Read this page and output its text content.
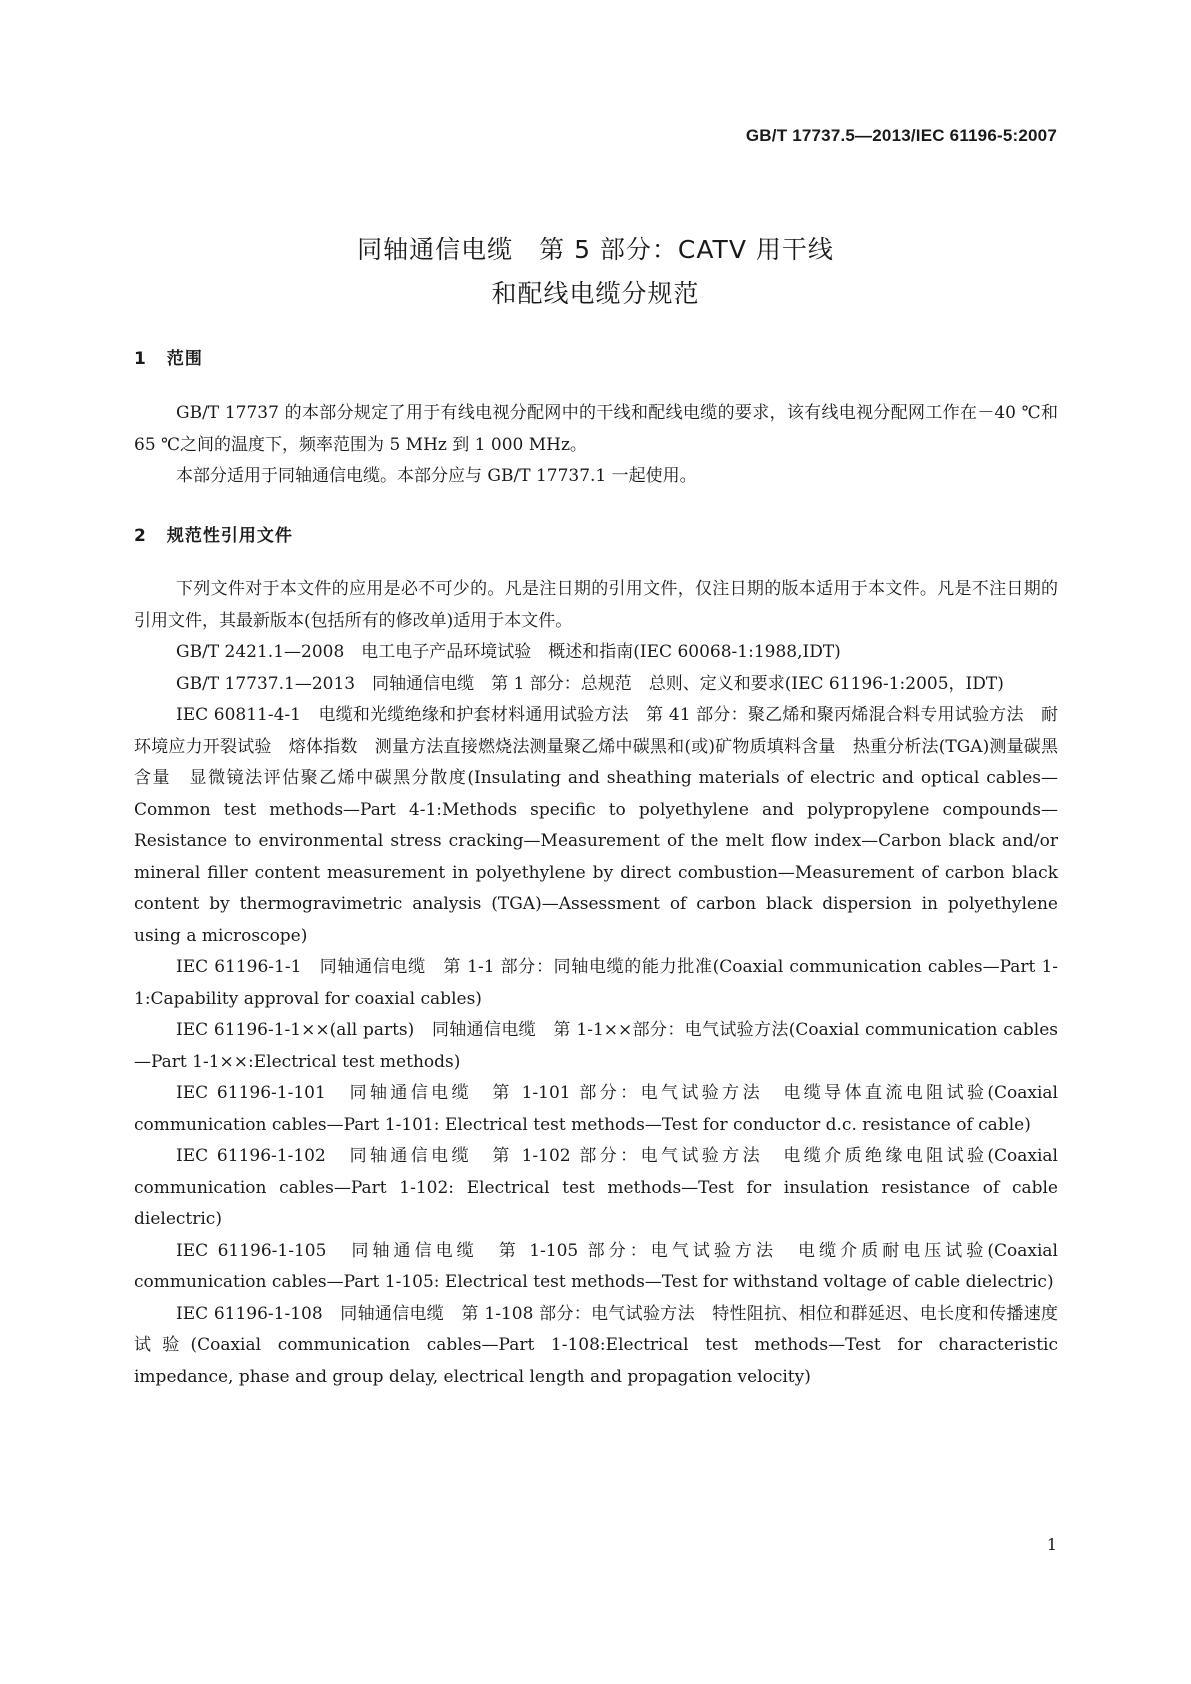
GB/T 17737.5—2013/IEC 61196-5:2007
同轴通信电缆　第 5 部分：CATV 用干线
和配线电缆分规范
1 范围

GB/T 17737 的本部分规定了用于有线电视分配网中的干线和配线电缆的要求，该有线电视分配网工作在－40 ℃和 65 ℃之间的温度下，频率范围为 5 MHz 到 1 000 MHz。

本部分适用于同轴通信电缆。本部分应与 GB/T 17737.1 一起使用。

2 规范性引用文件

下列文件对于本文件的应用是必不可少的。凡是注日期的引用文件，仅注日期的版本适用于本文件。凡是不注日期的引用文件，其最新版本(包括所有的修改单)适用于本文件。

GB/T 2421.1—2008　电工电子产品环境试验　概述和指南(IEC 60068-1:1988,IDT)

GB/T 17737.1—2013　同轴通信电缆　第 1 部分：总规范　总则、定义和要求(IEC 61196-1:2005，IDT)

IEC 60811-4-1　电缆和光缆绝缘和护套材料通用试验方法　第 41 部分：聚乙烯和聚丙烯混合料专用试验方法　耐环境应力开裂试验　熔体指数　测量方法直接燃烧法测量聚乙烯中碳黑和(或)矿物质填料含量　热重分析法(TGA)测量碳黑含量　显微镜法评估聚乙烯中碳黑分散度(Insulating and sheathing materials of electric and optical cables—Common test methods—Part 4-1:Methods specific to polyethylene and polypropylene compounds—Resistance to environmental stress cracking—Measurement of the melt flow index—Carbon black and/or mineral filler content measurement in polyethylene by direct combustion—Measurement of carbon black content by thermogravimetric analysis (TGA)—Assessment of carbon black dispersion in polyethylene using a microscope)

IEC 61196-1-1　同轴通信电缆　第 1-1 部分：同轴电缆的能力批准(Coaxial communication cables—Part 1-1:Capability approval for coaxial cables)

IEC 61196-1-1××(all parts)　同轴通信电缆　第 1-1××部分：电气试验方法(Coaxial communication cables—Part 1-1××:Electrical test methods)

IEC 61196-1-101　同轴通信电缆　第 1-101 部分：电气试验方法　电缆导体直流电阻试验(Coaxial communication cables—Part 1-101: Electrical test methods—Test for conductor d.c. resistance of cable)

IEC 61196-1-102　同轴通信电缆　第 1-102 部分：电气试验方法　电缆介质绝缘电阻试验(Coaxial communication cables—Part 1-102: Electrical test methods—Test for insulation resistance of cable dielectric)

IEC 61196-1-105　同轴通信电缆　第 1-105 部分：电气试验方法　电缆介质耐电压试验(Coaxial communication cables—Part 1-105: Electrical test methods—Test for withstand voltage of cable dielectric)

IEC 61196-1-108　同轴通信电缆　第 1-108 部分：电气试验方法　特性阻抗、相位和群延迟、电长度和传播速度试验(Coaxial communication cables—Part 1-108:Electrical test methods—Test for characteristic impedance, phase and group delay, electrical length and propagation velocity)

1
